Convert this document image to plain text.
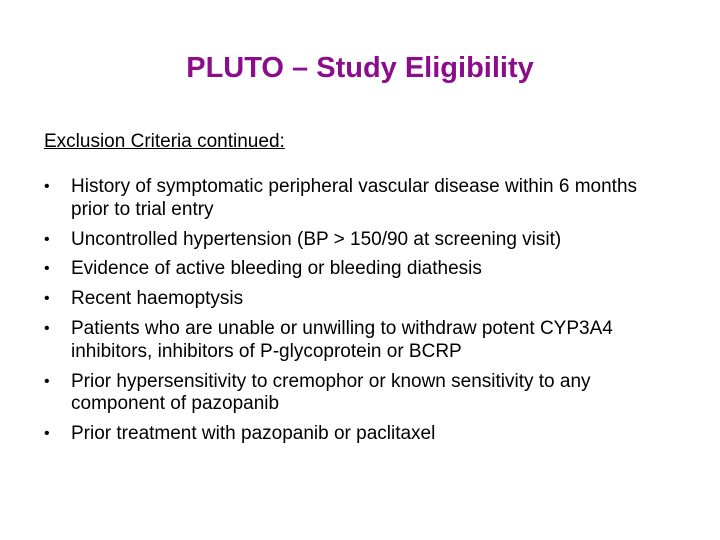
PLUTO – Study Eligibility

Exclusion Criteria continued:

•	History of symptomatic peripheral vascular disease within 6 months prior to trial entry
•	Uncontrolled hypertension (BP > 150/90 at screening visit)
•	Evidence of active bleeding or bleeding diathesis
•	Recent haemoptysis
•	Patients who are unable or unwilling to withdraw potent CYP3A4 inhibitors, inhibitors of P-glycoprotein or BCRP
•	Prior hypersensitivity to cremophor or known sensitivity to any component of pazopanib
•	Prior treatment with pazopanib or paclitaxel
